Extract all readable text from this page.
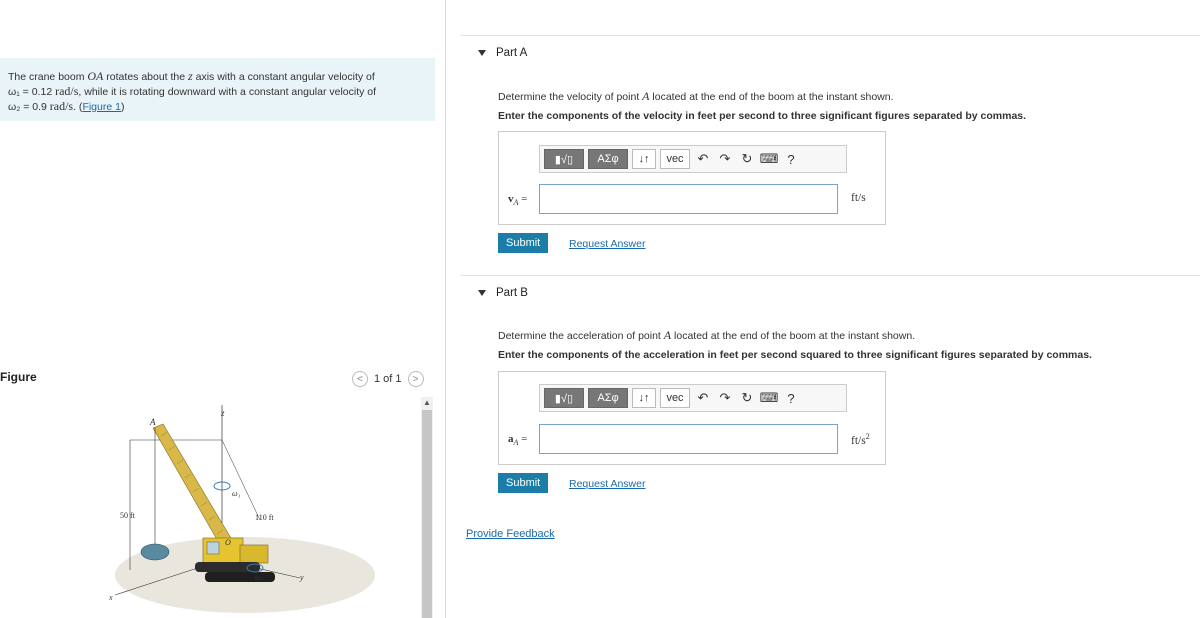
The crane boom OA rotates about the z axis with a constant angular velocity of
ω₁ = 0.12 rad/s, while it is rotating downward with a constant angular velocity of
ω₂ = 0.9 rad/s. (Figure 1)
Figure	<	1 of 1	>
A
z
ω₁
50 ft	110 ft
O
ω₂	y
x
▲
Part A
Determine the velocity of point A located at the end of the boom at the instant shown.
Enter the components of the velocity in feet per second to three significant figures separated by commas.
▮√▯	ΑΣφ	↓↑	vec	↶ ↷ ↻ ⌨ ?
$v_A$ =	ft/s
Submit	Request Answer
Part B
Determine the acceleration of point A located at the end of the boom at the instant shown.
Enter the components of the acceleration in feet per second squared to three significant figures separated by commas.
▮√▯	ΑΣφ	↓↑	vec	↶ ↷ ↻ ⌨ ?
$a_A$ =	$ft/s^2$
Submit	Request Answer
Provide Feedback
